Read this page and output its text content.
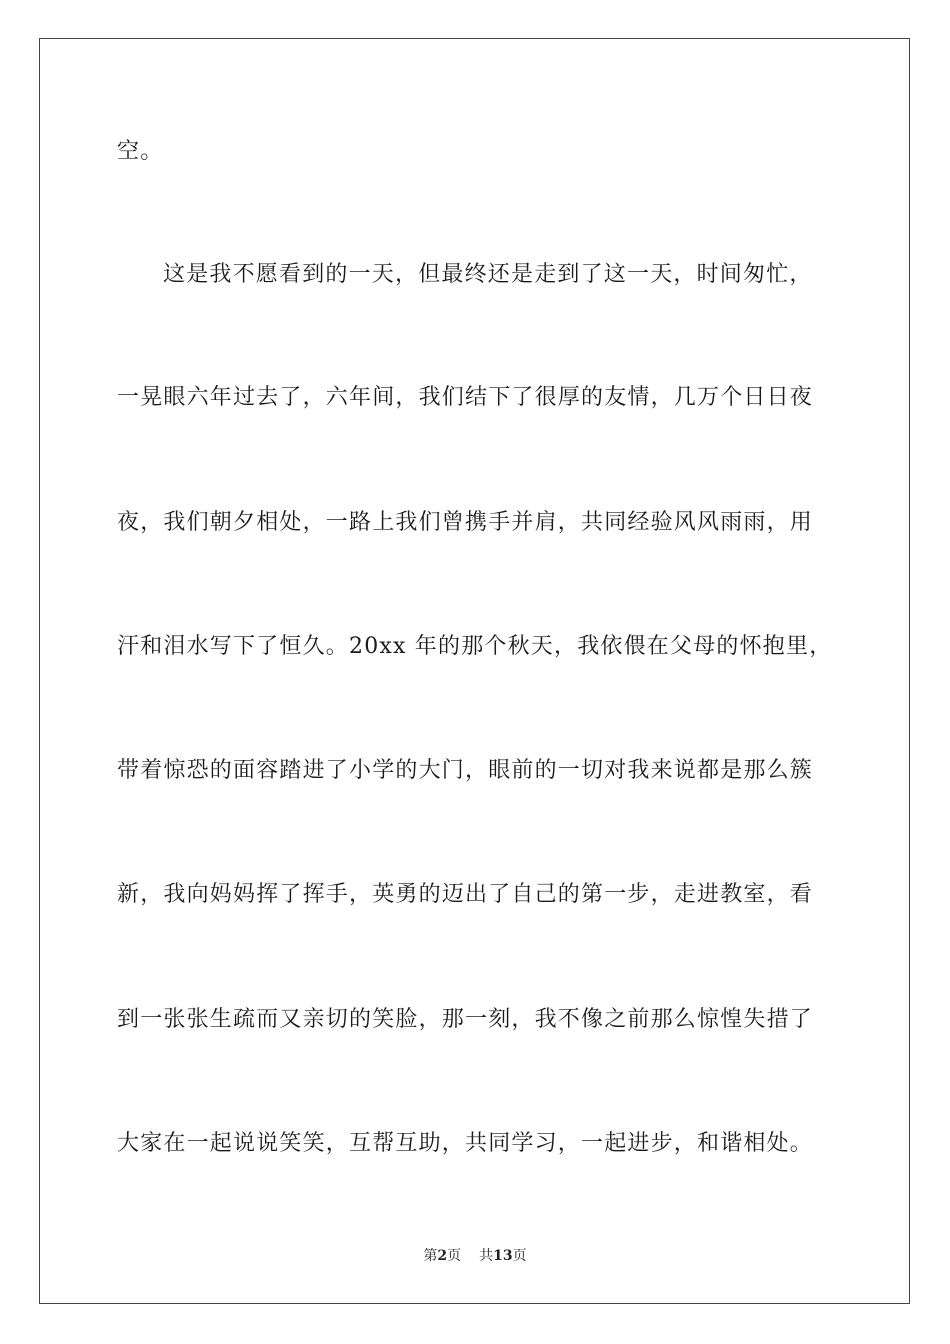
空。
这是我不愿看到的一天，但最终还是走到了这一天，时间匆忙，
一晃眼六年过去了，六年间，我们结下了很厚的友情，几万个日日夜
夜，我们朝夕相处，一路上我们曾携手并肩，共同经验风风雨雨，用
汗和泪水写下了恒久。20xx 年的那个秋天，我依偎在父母的怀抱里，
带着惊恐的面容踏进了小学的大门，眼前的一切对我来说都是那么簇
新，我向妈妈挥了挥手，英勇的迈出了自己的第一步，走进教室，看
到一张张生疏而又亲切的笑脸，那一刻，我不像之前那么惊惶失措了
大家在一起说说笑笑，互帮互助，共同学习，一起进步，和谐相处。
第2页 共13页
